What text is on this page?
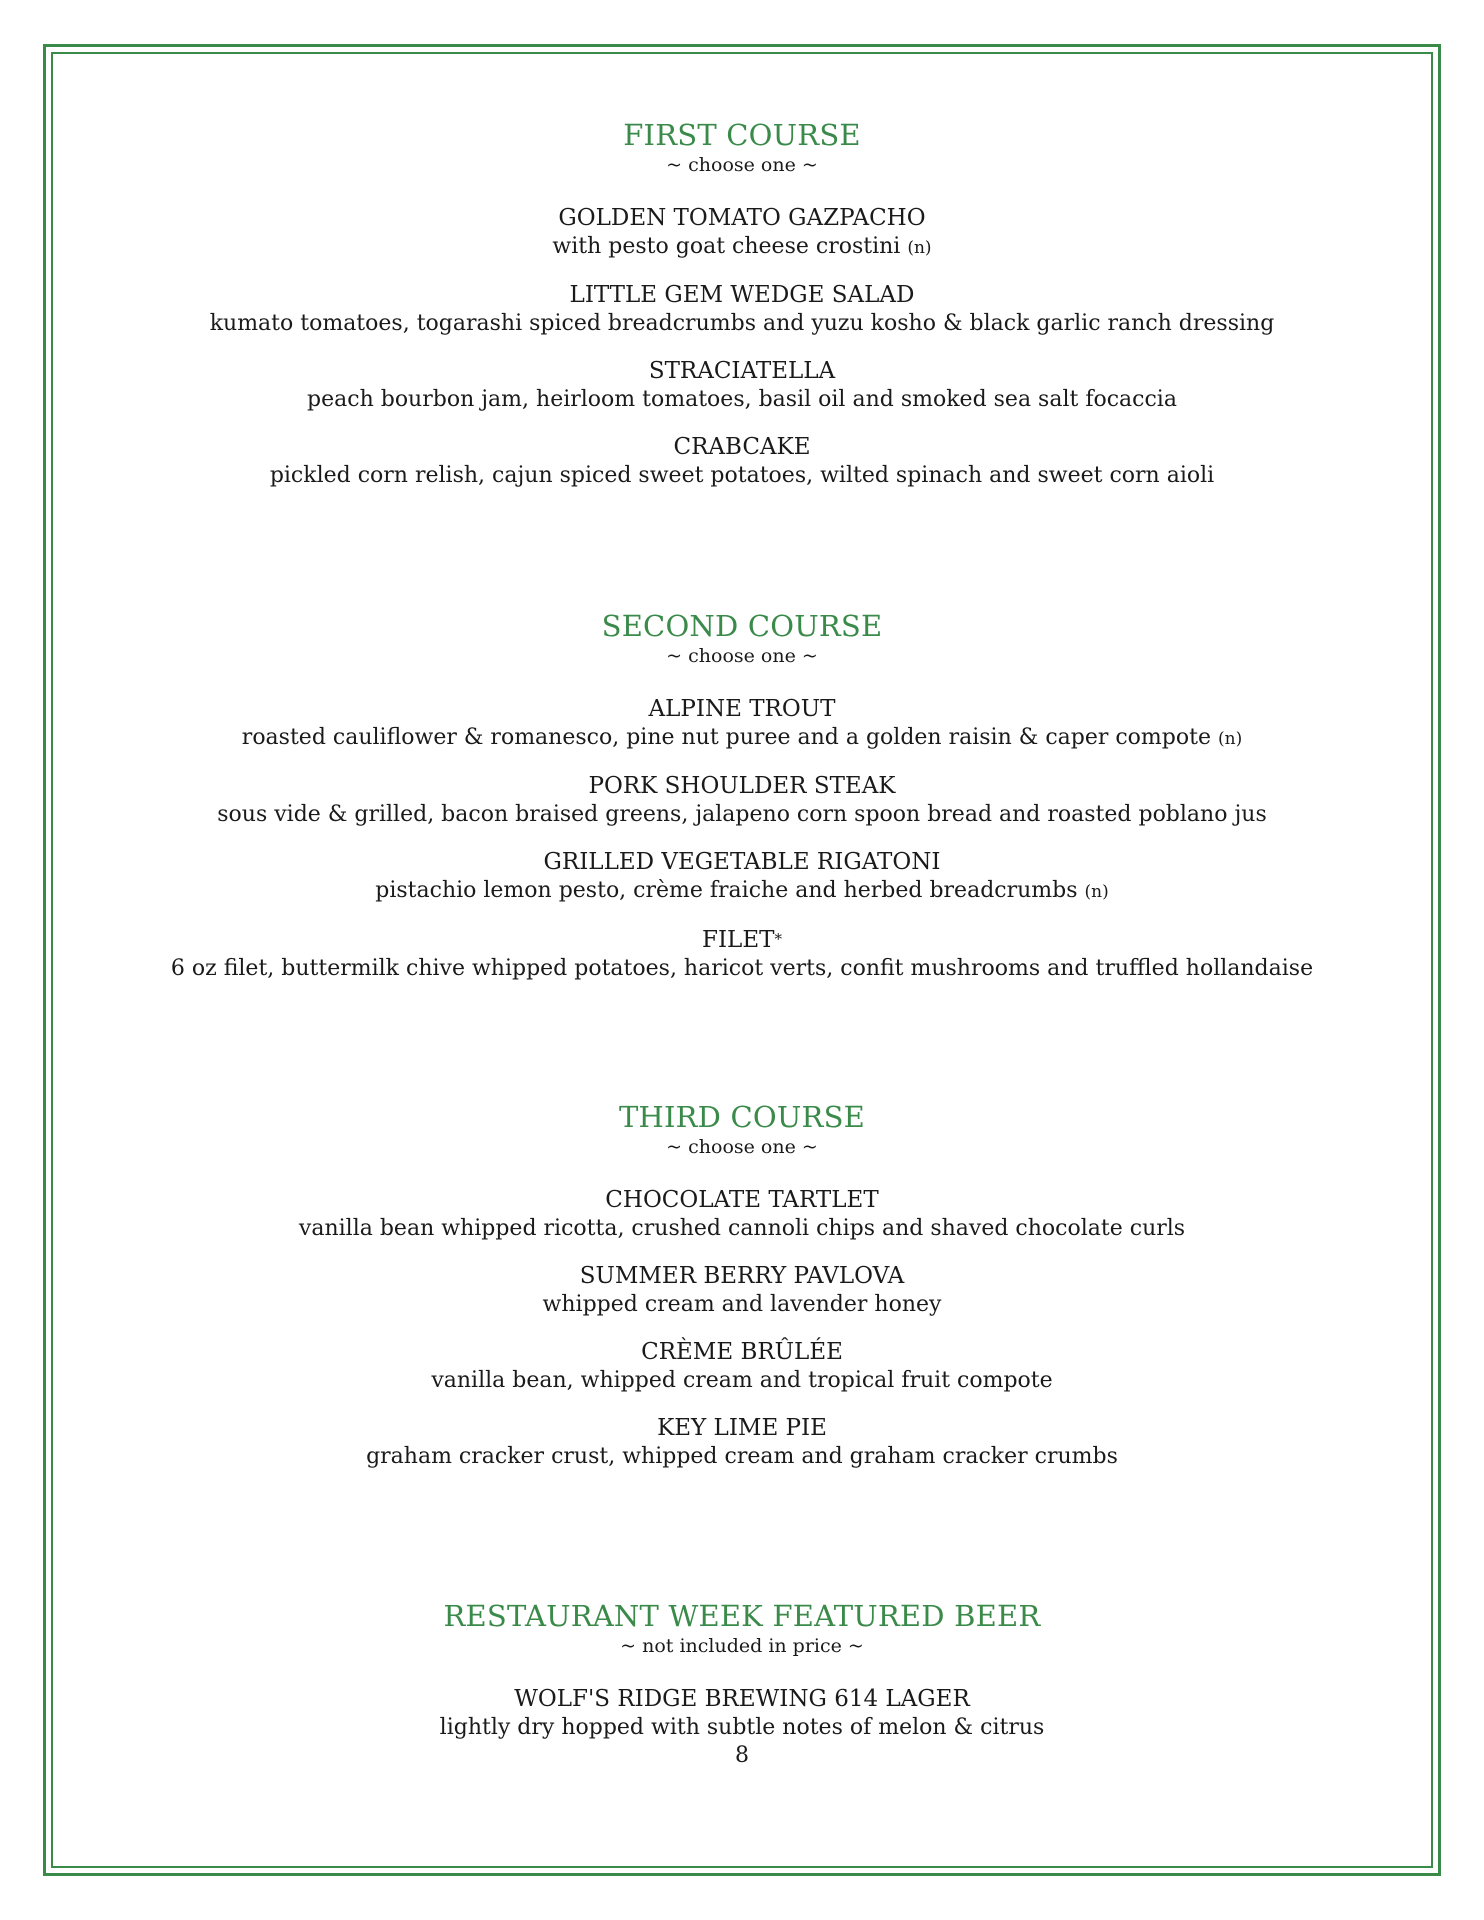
FIRST COURSE
~ choose one ~
GOLDEN TOMATO GAZPACHO
with pesto goat cheese crostini (n)
LITTLE GEM WEDGE SALAD
kumato tomatoes, togarashi spiced breadcrumbs and yuzu kosho & black garlic ranch dressing
STRACIATELLA
peach bourbon jam, heirloom tomatoes, basil oil and smoked sea salt focaccia
CRABCAKE
pickled corn relish, cajun spiced sweet potatoes, wilted spinach and sweet corn aioli
SECOND COURSE
~ choose one ~
ALPINE TROUT
roasted cauliflower & romanesco, pine nut puree and a golden raisin & caper compote (n)
PORK SHOULDER STEAK
sous vide & grilled, bacon braised greens, jalapeno corn spoon bread and roasted poblano jus
GRILLED VEGETABLE RIGATONI
pistachio lemon pesto, crème fraiche and herbed breadcrumbs (n)
FILET*
6 oz filet, buttermilk chive whipped potatoes, haricot verts, confit mushrooms and truffled hollandaise
THIRD COURSE
~ choose one ~
CHOCOLATE TARTLET
vanilla bean whipped ricotta, crushed cannoli chips and shaved chocolate curls
SUMMER BERRY PAVLOVA
whipped cream and lavender honey
CRÈME BRÛLÉE
vanilla bean, whipped cream and tropical fruit compote
KEY LIME PIE
graham cracker crust, whipped cream and graham cracker crumbs
RESTAURANT WEEK FEATURED BEER
~ not included in price ~
WOLF'S RIDGE BREWING 614 LAGER
lightly dry hopped with subtle notes of melon & citrus
8
